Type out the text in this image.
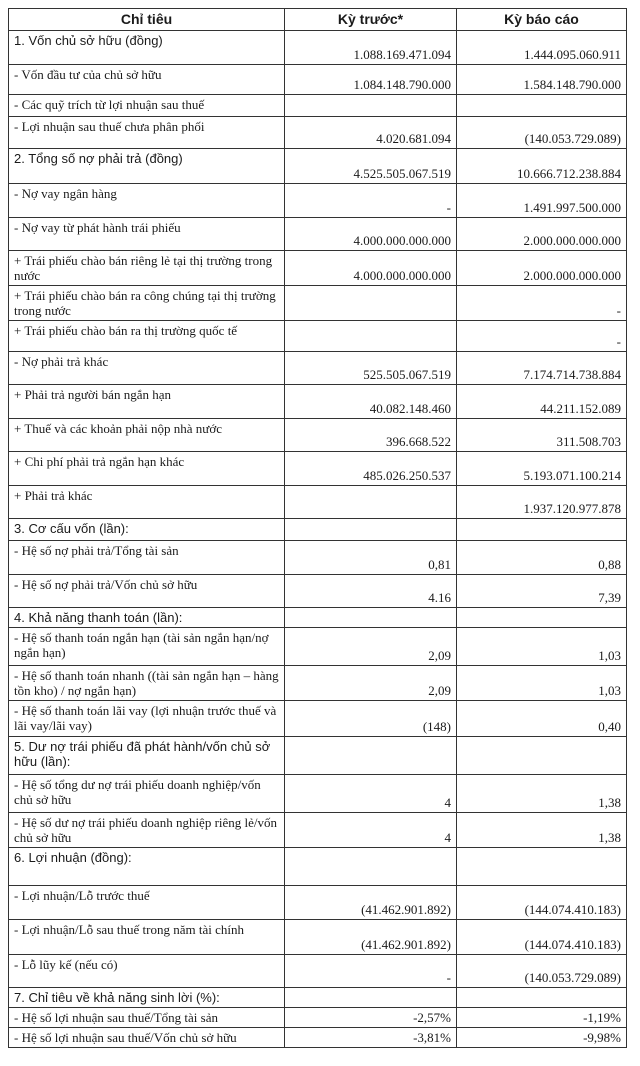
Chỉ tiêu	Kỳ trước*	Kỳ báo cáo
1. Vốn chủ sở hữu (đồng)	1.088.169.471.094	1.444.095.060.911
- Vốn đầu tư của chủ sở hữu	1.084.148.790.000	1.584.148.790.000
- Các quỹ trích từ lợi nhuận sau thuế		
- Lợi nhuận sau thuế chưa phân phối	4.020.681.094	(140.053.729.089)
2. Tổng số nợ phải trả (đồng)	4.525.505.067.519	10.666.712.238.884
- Nợ vay ngân hàng	-	1.491.997.500.000
- Nợ vay từ phát hành trái phiếu	4.000.000.000.000	2.000.000.000.000
+ Trái phiếu chào bán riêng lẻ tại thị trường trong nước	4.000.000.000.000	2.000.000.000.000
+ Trái phiếu chào bán ra công chúng tại thị trường trong nước		-
+ Trái phiếu chào bán ra thị trường quốc tế		-
- Nợ phải trả khác	525.505.067.519	7.174.714.738.884
+ Phải trả người bán ngắn hạn	40.082.148.460	44.211.152.089
+ Thuế và các khoản phải nộp nhà nước	396.668.522	311.508.703
+ Chi phí phải trả ngắn hạn khác	485.026.250.537	5.193.071.100.214
+ Phải trả khác		1.937.120.977.878
3. Cơ cấu vốn (lần):		
- Hệ số nợ phải trả/Tổng tài sản	0,81	0,88
- Hệ số nợ phải trả/Vốn chủ sở hữu	4.16	7,39
4. Khả năng thanh toán (lần):		
- Hệ số thanh toán ngắn hạn (tài sản ngắn hạn/nợ ngắn hạn)	2,09	1,03
- Hệ số thanh toán nhanh ((tài sản ngắn hạn – hàng tồn kho) / nợ ngắn hạn)	2,09	1,03
- Hệ số thanh toán lãi vay (lợi nhuận trước thuế và lãi vay/lãi vay)	(148)	0,40
5. Dư nợ trái phiếu đã phát hành/vốn chủ sở hữu (lần):		
- Hệ số tổng dư nợ trái phiếu doanh nghiệp/vốn chủ sở hữu	4	1,38
- Hệ số dư nợ trái phiếu doanh nghiệp riêng lẻ/vốn chủ sở hữu	4	1,38
6. Lợi nhuận (đồng):		
- Lợi nhuận/Lỗ trước thuế	(41.462.901.892)	(144.074.410.183)
- Lợi nhuận/Lỗ sau thuế trong năm tài chính	(41.462.901.892)	(144.074.410.183)
- Lỗ lũy kế (nếu có)	-	(140.053.729.089)
7. Chỉ tiêu về khả năng sinh lời (%):		
- Hệ số lợi nhuận sau thuế/Tổng tài sản	-2,57%	-1,19%
- Hệ số lợi nhuận sau thuế/Vốn chủ sở hữu	-3,81%	-9,98%
